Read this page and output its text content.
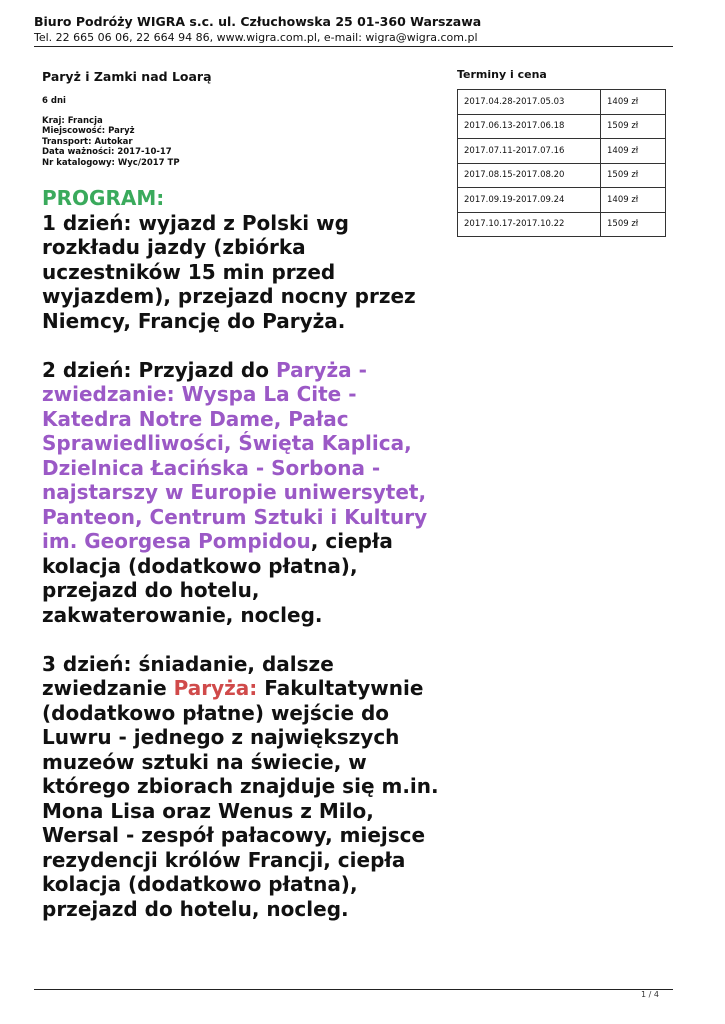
Biuro Podróży WIGRA s.c. ul. Człuchowska 25 01-360 Warszawa
Tel. 22 665 06 06, 22 664 94 86, www.wigra.com.pl, e-mail: wigra@wigra.com.pl
Paryż i Zamki nad Loarą
6 dni
Kraj: Francja
Miejscowość: Paryż
Transport: Autokar
Data ważności: 2017-10-17
Nr katalogowy: Wyc/2017 TP
PROGRAM:

1 dzień: wyjazd z Polski wg rozkładu jazdy (zbiórka uczestników 15 min przed wyjazdem), przejazd nocny przez Niemcy, Francję do Paryża.

2 dzień: Przyjazd do Paryża - zwiedzanie: Wyspa La Cite - Katedra Notre Dame, Pałac Sprawiedliwości, Święta Kaplica, Dzielnica Łacińska - Sorbona - najstarszy w Europie uniwersytet, Panteon, Centrum Sztuki i Kultury im. Georgesa Pompidou, ciepła kolacja (dodatkowo płatna), przejazd do hotelu, zakwaterowanie, nocleg.

3 dzień: śniadanie, dalsze zwiedzanie Paryża: Fakultatywnie (dodatkowo płatne) wejście do Luwru - jednego z największych muzeów sztuki na świecie, w którego zbiorach znajduje się m.in. Mona Lisa oraz Wenus z Milo, Wersal - zespół pałacowy, miejsce rezydencji królów Francji, ciepła kolacja (dodatkowo płatna), przejazd do hotelu, nocleg.

Terminy i cena
2017.04.28-2017.05.03	1409 zł
2017.06.13-2017.06.18	1509 zł
2017.07.11-2017.07.16	1409 zł
2017.08.15-2017.08.20	1509 zł
2017.09.19-2017.09.24	1409 zł
2017.10.17-2017.10.22	1509 zł
1 / 4
